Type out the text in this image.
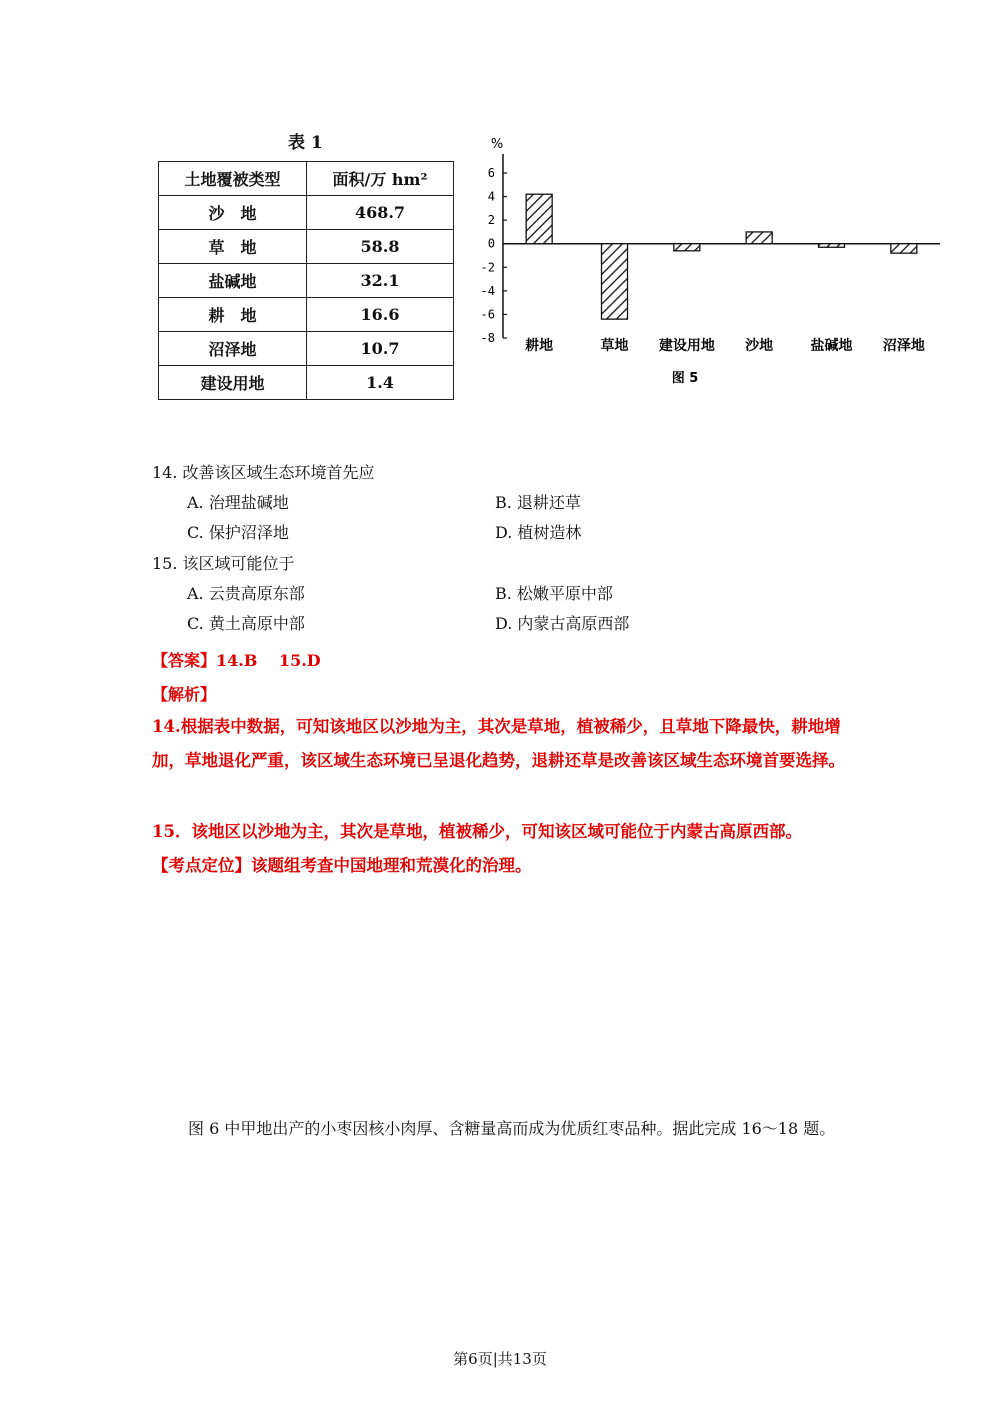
表 1
土地覆被类型	面积/万 hm²
沙　地	468.7
草　地	58.8
盐碱地	32.1
耕　地	16.6
沼泽地	10.7
建设用地	1.4
%
6
4
2
0
-2
-4
-6
-8 耕地	草地 建设用地 沙地	盐碱地 沼泽地
图 5
14. 改善该区域生态环境首先应
A. 治理盐碱地	B. 退耕还草
C. 保护沼泽地	D. 植树造林
15. 该区域可能位于
A. 云贵高原东部	B. 松嫩平原中部
C. 黄土高原中部	D. 内蒙古高原西部
【答案】14.B　 15.D
【解析】
14.根据表中数据，可知该地区以沙地为主，其次是草地，植被稀少，且草地下降最快，耕地增加，草地退化严重，该区域生态环境已呈退化趋势，退耕还草是改善该区域生态环境首要选择。
15．该地区以沙地为主，其次是草地，植被稀少，可知该区域可能位于内蒙古高原西部。
【考点定位】该题组考查中国地理和荒漠化的治理。
图 6 中甲地出产的小枣因核小肉厚、含糖量高而成为优质红枣品种。据此完成 16～18 题。
第6页|共13页
